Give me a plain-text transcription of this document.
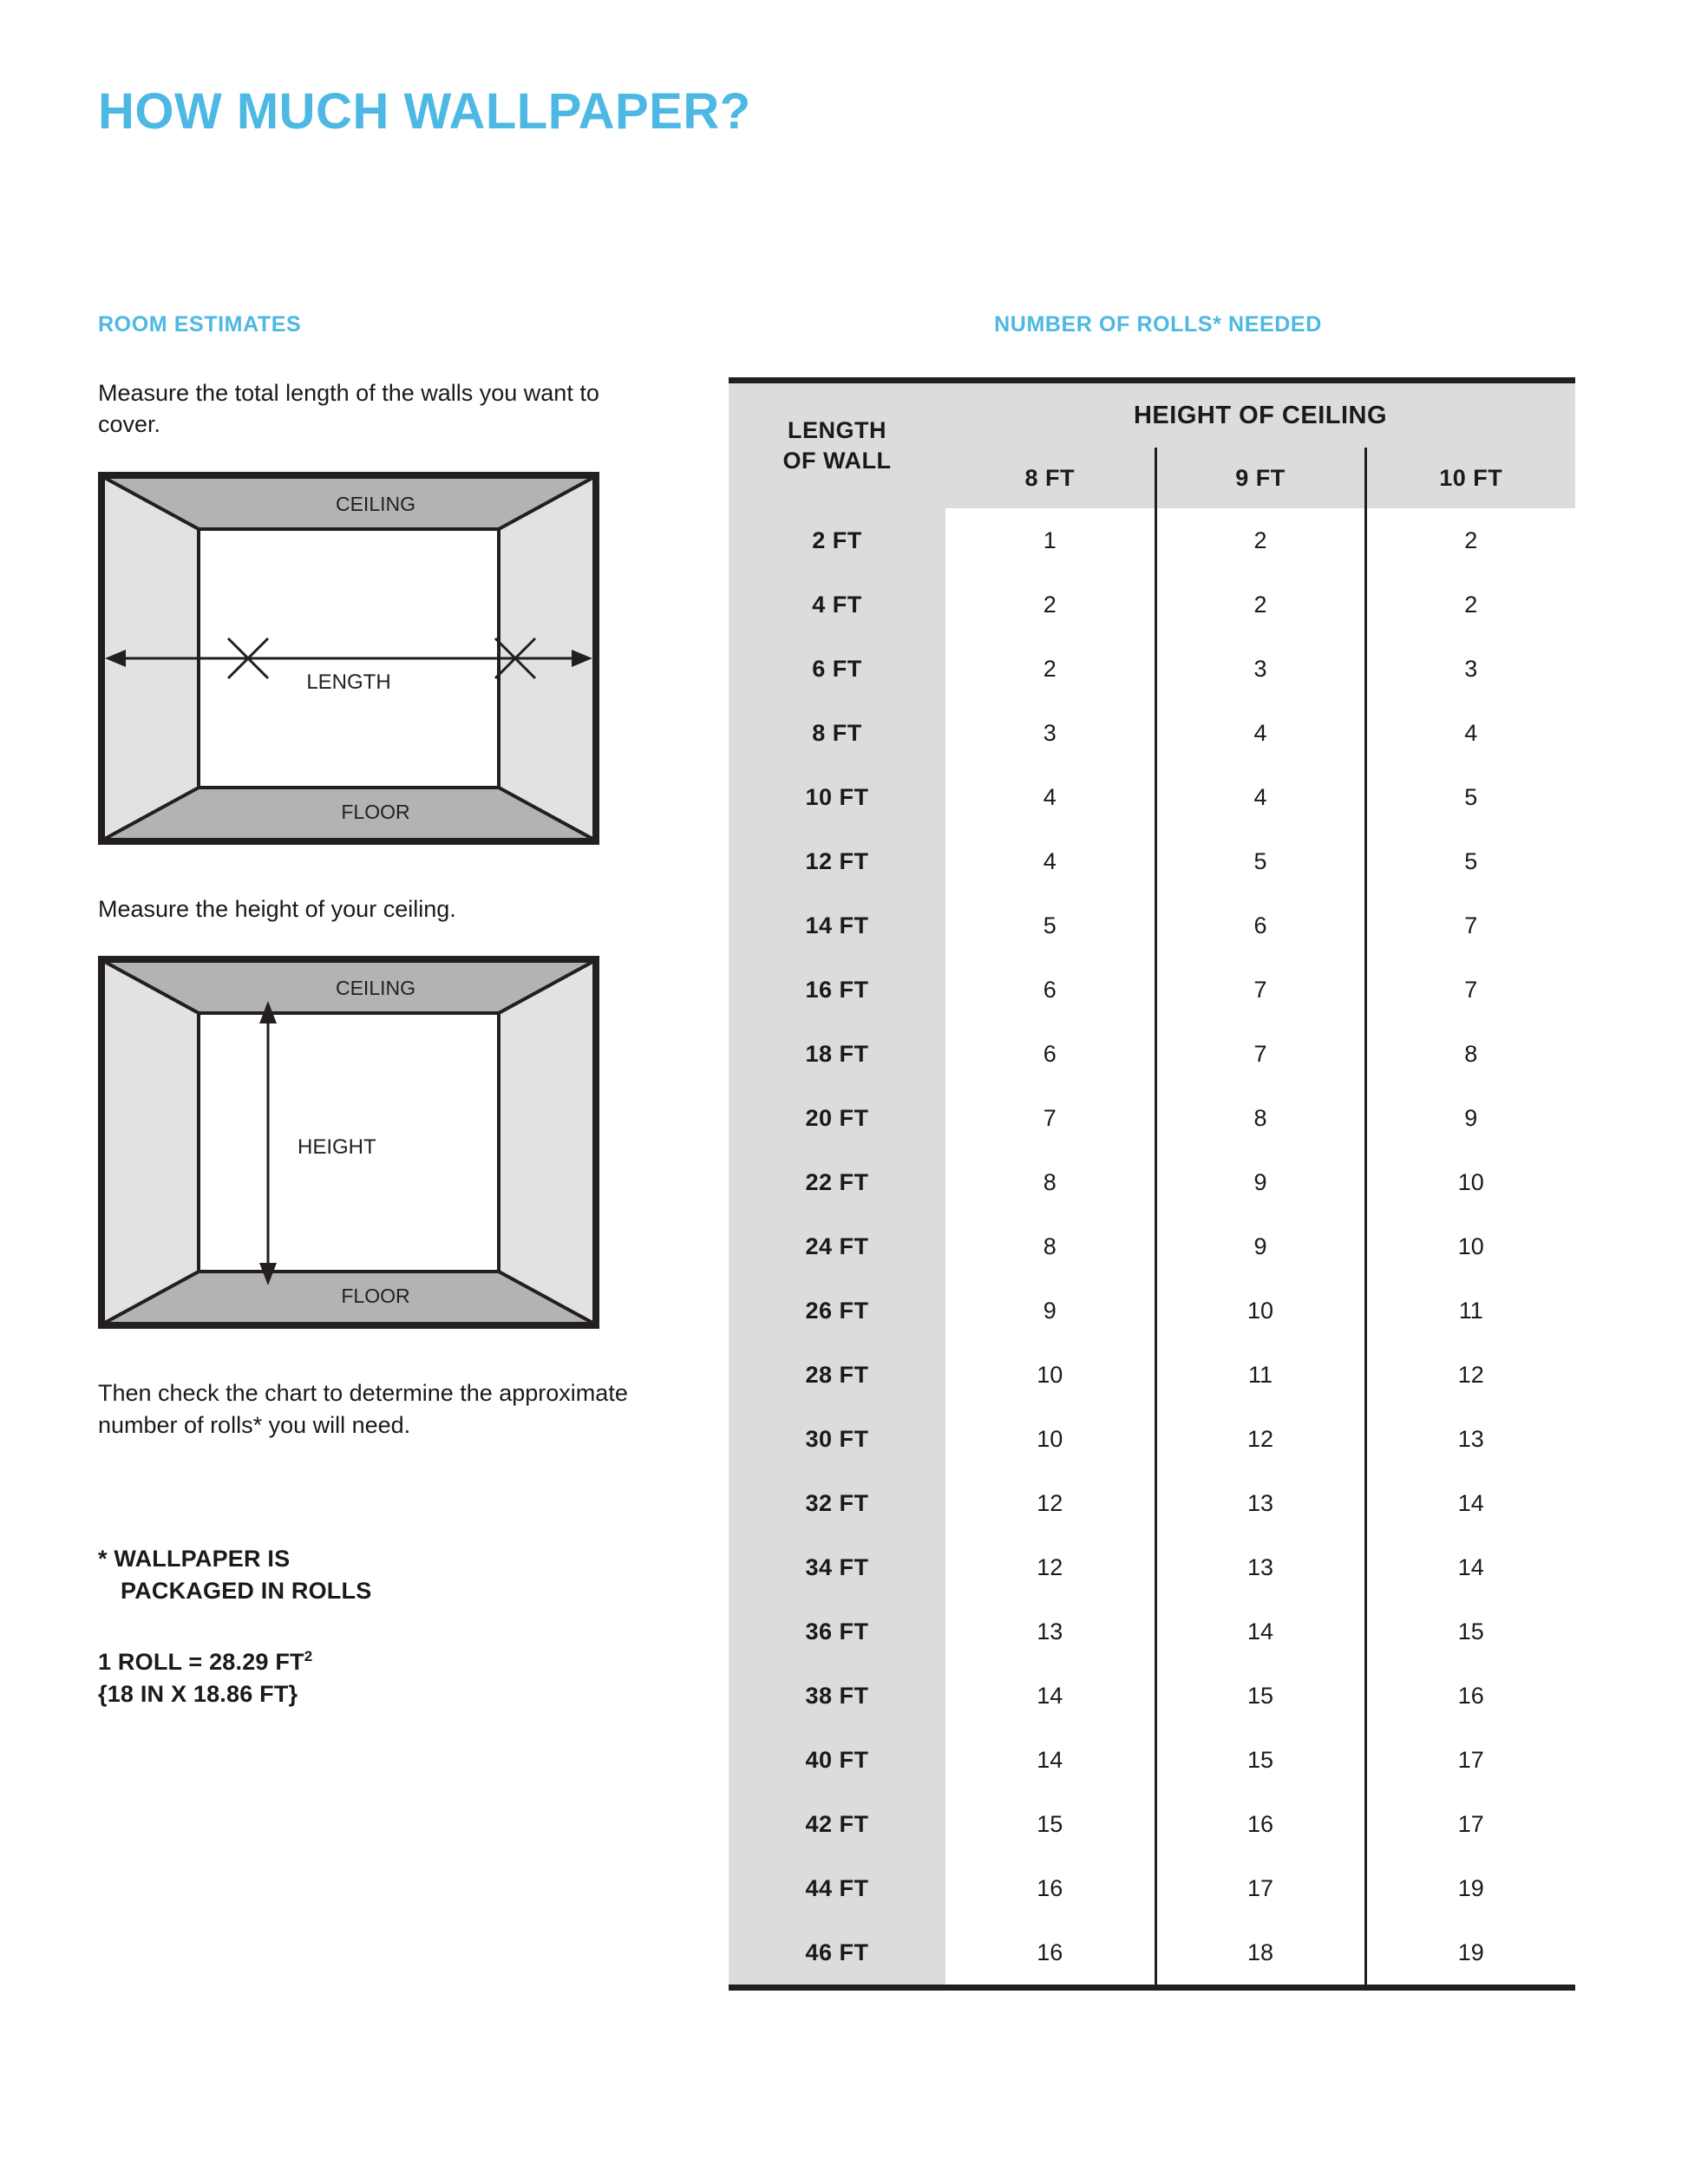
HOW MUCH WALLPAPER?
ROOM ESTIMATES

Measure the total length of the walls you want to cover.

LENGTH
CEILING
FLOOR

Measure the height of your ceiling.

HEIGHT
CEILING
FLOOR

Then check the chart to determine the approximate number of rolls* you will need.

* WALLPAPER IS
PACKAGED IN ROLLS
1 ROLL = 28.29 $FT^2$
{18 IN X 18.86 FT}
NUMBER OF ROLLS* NEEDED
LENGTH
OF WALL	HEIGHT OF CEILING		
	8 FT	9 FT	10 FT
2 FT	1	2	2
4 FT	2	2	2
6 FT	2	3	3
8 FT	3	4	4
10 FT	4	4	5
12 FT	4	5	5
14 FT	5	6	7
16 FT	6	7	7
18 FT	6	7	8
20 FT	7	8	9
22 FT	8	9	10
24 FT	8	9	10
26 FT	9	10	11
28 FT	10	11	12
30 FT	10	12	13
32 FT	12	13	14
34 FT	12	13	14
36 FT	13	14	15
38 FT	14	15	16
40 FT	14	15	17
42 FT	15	16	17
44 FT	16	17	19
46 FT	16	18	19
